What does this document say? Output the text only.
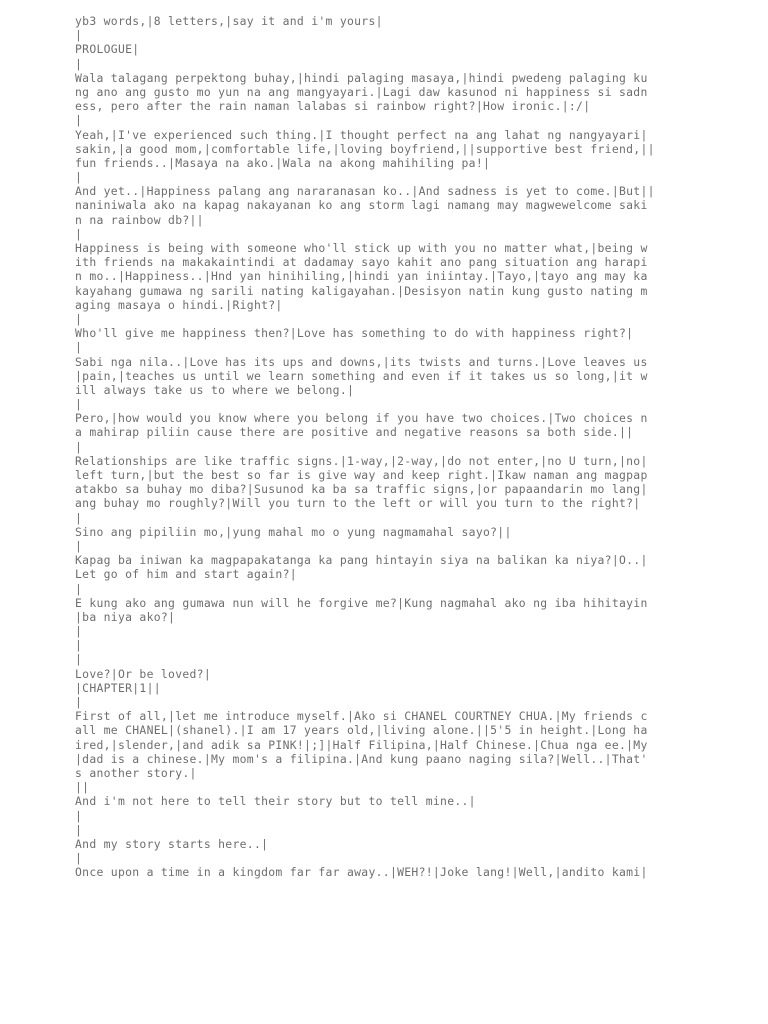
yb3 words,|8 letters,|say it and i'm yours|
|
PROLOGUE|
|
Wala talagang perpektong buhay,|hindi palaging masaya,|hindi pwedeng palaging ku
ng ano ang gusto mo yun na ang mangyayari.|Lagi daw kasunod ni happiness si sadn
ess, pero after the rain naman lalabas si rainbow right?|How ironic.|:/|
|
Yeah,|I've experienced such thing.|I thought perfect na ang lahat ng nangyayari|
sakin,|a good mom,|comfortable life,|loving boyfriend,||supportive best friend,||
fun friends..|Masaya na ako.|Wala na akong mahihiling pa!|
|
And yet..|Happiness palang ang nararanasan ko..|And sadness is yet to come.|But||
naniniwala ako na kapag nakayanan ko ang storm lagi namang may magwewelcome saki
n na rainbow db?||
|
Happiness is being with someone who'll stick up with you no matter what,|being w
ith friends na makakaintindi at dadamay sayo kahit ano pang situation ang harapi
n mo..|Happiness..|Hnd yan hinihiling,|hindi yan iniintay.|Tayo,|tayo ang may ka
kayahang gumawa ng sarili nating kaligayahan.|Desisyon natin kung gusto nating m
aging masaya o hindi.|Right?|
|
Who'll give me happiness then?|Love has something to do with happiness right?|
|
Sabi nga nila..|Love has its ups and downs,|its twists and turns.|Love leaves us
|pain,|teaches us until we learn something and even if it takes us so long,|it w
ill always take us to where we belong.|
|
Pero,|how would you know where you belong if you have two choices.|Two choices n
a mahirap piliin cause there are positive and negative reasons sa both side.||
|
Relationships are like traffic signs.|1-way,|2-way,|do not enter,|no U turn,|no|
left turn,|but the best so far is give way and keep right.|Ikaw naman ang magpap
atakbo sa buhay mo diba?|Susunod ka ba sa traffic signs,|or papaandarin mo lang|
ang buhay mo roughly?|Will you turn to the left or will you turn to the right?|
|
Sino ang pipiliin mo,|yung mahal mo o yung nagmamahal sayo?||
|
Kapag ba iniwan ka magpapakatanga ka pang hintayin siya na balikan ka niya?|O..|
Let go of him and start again?|
|
E kung ako ang gumawa nun will he forgive me?|Kung nagmahal ako ng iba hihitayin
|ba niya ako?|
|
|
|
Love?|Or be loved?|
|CHAPTER|1||
|
First of all,|let me introduce myself.|Ako si CHANEL COURTNEY CHUA.|My friends c
all me CHANEL|(shanel).|I am 17 years old,|living alone.||5'5 in height.|Long ha
ired,|slender,|and adik sa PINK!|;]|Half Filipina,|Half Chinese.|Chua nga ee.|My
|dad is a chinese.|My mom's a filipina.|And kung paano naging sila?|Well..|That'
s another story.|
||
And i'm not here to tell their story but to tell mine..|
|
|
And my story starts here..|
|
Once upon a time in a kingdom far far away..|WEH?!|Joke lang!|Well,|andito kami|
